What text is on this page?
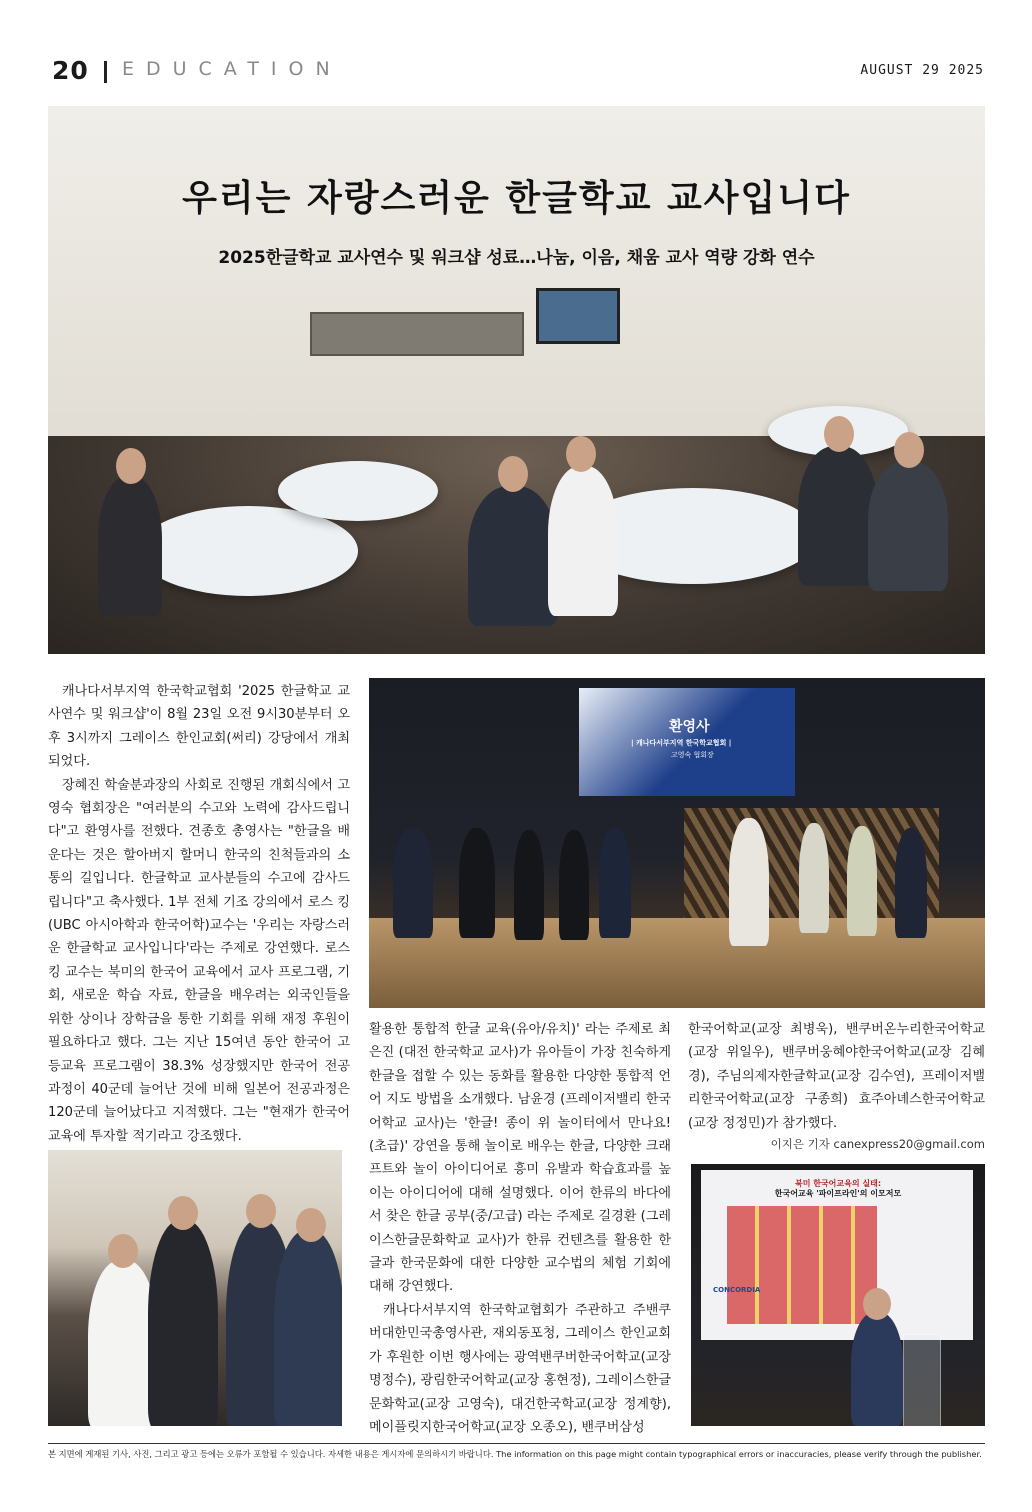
20 EDUCATION	AUGUST 29 2025
우리는 자랑스러운 한글학교 교사입니다
2025한글학교 교사연수 및 워크샵 성료…나눔, 이음, 채움 교사 역량 강화 연수
환영사
| 캐나다서부지역 한국학교협회 |
고영숙 협회장

캐나다서부지역 한국학교협회 '2025 한글학교 교사연수 및 워크샵'이 8월 23일 오전 9시30분부터 오후 3시까지 그레이스 한인교회(써리) 강당에서 개최되었다.

장혜진 학술분과장의 사회로 진행된 개회식에서 고영숙 협회장은 "여러분의 수고와 노력에 감사드립니다"고 환영사를 전했다. 견종호 총영사는 "한글을 배운다는 것은 할아버지 할머니 한국의 친척들과의 소통의 길입니다. 한글학교 교사분들의 수고에 감사드립니다"고 축사했다. 1부 전체 기조 강의에서 로스 킹(UBC 아시아학과 한국어학)교수는 '우리는 자랑스러운 한글학교 교사입니다'라는 주제로 강연했다. 로스 킹 교수는 북미의 한국어 교육에서 교사 프로그램, 기회, 새로운 학습 자료, 한글을 배우려는 외국인들을 위한 상이나 장학금을 통한 기회를 위해 재정 후원이 필요하다고 했다. 그는 지난 15여년 동안 한국어 고등교육 프로그램이 38.3% 성장했지만 한국어 전공과정이 40군데 늘어난 것에 비해 일본어 전공과정은 120군데 늘어났다고 지적했다. 그는 "현재가 한국어 교육에 투자할 적기라고 강조했다.

활용한 통합적 한글 교육(유아/유치)' 라는 주제로 최은진 (대전 한국학교 교사)가 유아들이 가장 친숙하게 한글을 접할 수 있는 동화를 활용한 다양한 통합적 언어 지도 방법을 소개했다. 남윤경 (프레이저밸리 한국어학교 교사)는 '한글! 종이 위 놀이터에서 만나요!(초급)' 강연을 통해 놀이로 배우는 한글, 다양한 크래프트와 놀이 아이디어로 흥미 유발과 학습효과를 높이는 아이디어에 대해 설명했다. 이어 한류의 바다에서 찾은 한글 공부(중/고급) 라는 주제로 길경환 (그레이스한글문화학교 교사)가 한류 컨텐츠를 활용한 한글과 한국문화에 대한 다양한 교수법의 체험 기회에 대해 강연했다.

캐나다서부지역 한국학교협회가 주관하고 주밴쿠버대한민국총영사관, 재외동포청, 그레이스 한인교회가 후원한 이번 행사에는 광역밴쿠버한국어학교(교장 명정수), 광림한국어학교(교장 홍현정), 그레이스한글문화학교(교장 고영숙), 대건한국학교(교장 정계향), 메이플릿지한국어학교(교장 오종오), 밴쿠버삼성

한국어학교(교장 최병욱), 밴쿠버온누리한국어학교(교장 위일우), 밴쿠버웅혜야한국어학교(교장 김혜경), 주님의제자한글학교(교장 김수연), 프레이저밸리한국어학교(교장 구종희) 효주아녜스한국어학교(교장 정정민)가 참가했다.

이지은 기자 canexpress20@gmail.com
북미 한국어교육의 실태:
한국어교육 '파이프라인'의 이모저모
CONCORDIA
본 지면에 게재된 기사, 사진, 그리고 광고 등에는 오류가 포함될 수 있습니다. 자세한 내용은 게시자에 문의하시기 바랍니다. The information on this page might contain typographical errors or inaccuracies, please verify through the publisher.
